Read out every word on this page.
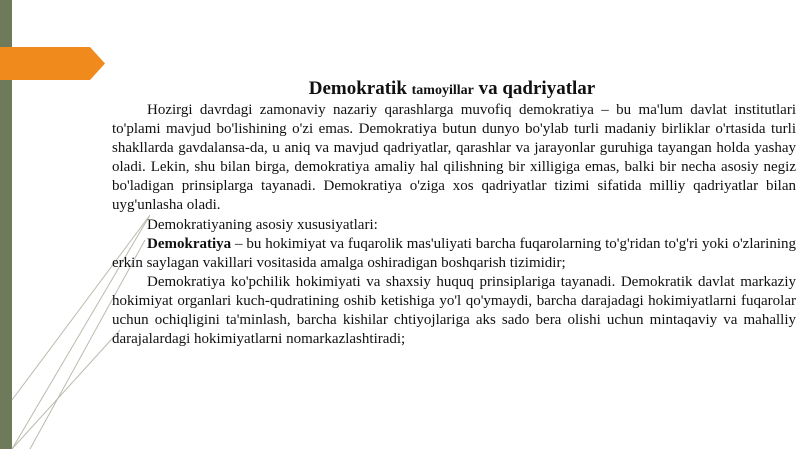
Demokratik tamoyillar va qadriyatlar

Hozirgi davrdagi zamonaviy nazariy qarashlarga muvofiq demokratiya – bu ma'lum davlat institutlari to'plami mavjud bo'lishining o'zi emas. Demokratiya butun dunyo bo'ylab turli madaniy birliklar o'rtasida turli shakllarda gavdalansa-da, u aniq va mavjud qadriyatlar, qarashlar va jarayonlar guruhiga tayangan holda yashay oladi. Lekin, shu bilan birga, demokratiya amaliy hal qilishning bir xilligiga emas, balki bir necha asosiy negiz bo'ladigan prinsiplarga tayanadi. Demokratiya o'ziga xos qadriyatlar tizimi sifatida milliy qadriyatlar bilan uyg'unlasha oladi.

Demokratiyaning asosiy xususiyatlari:

Demokratiya – bu hokimiyat va fuqarolik mas'uliyati barcha fuqarolarning to'g'ridan to'g'ri yoki o'zlarining erkin saylagan vakillari vositasida amalga oshiradigan boshqarish tizimidir;

Demokratiya ko'pchilik hokimiyati va shaxsiy huquq prinsiplariga tayanadi. Demokratik davlat markaziy hokimiyat organlari kuch-qudratining oshib ketishiga yo'l qo'ymaydi, barcha darajadagi hokimiyatlarni fuqarolar uchun ochiqligini ta'minlash, barcha kishilar chtiyojlariga aks sado bera olishi uchun mintaqaviy va mahalliy darajalardagi hokimiyatlarni nomarkazlashtiradi;
